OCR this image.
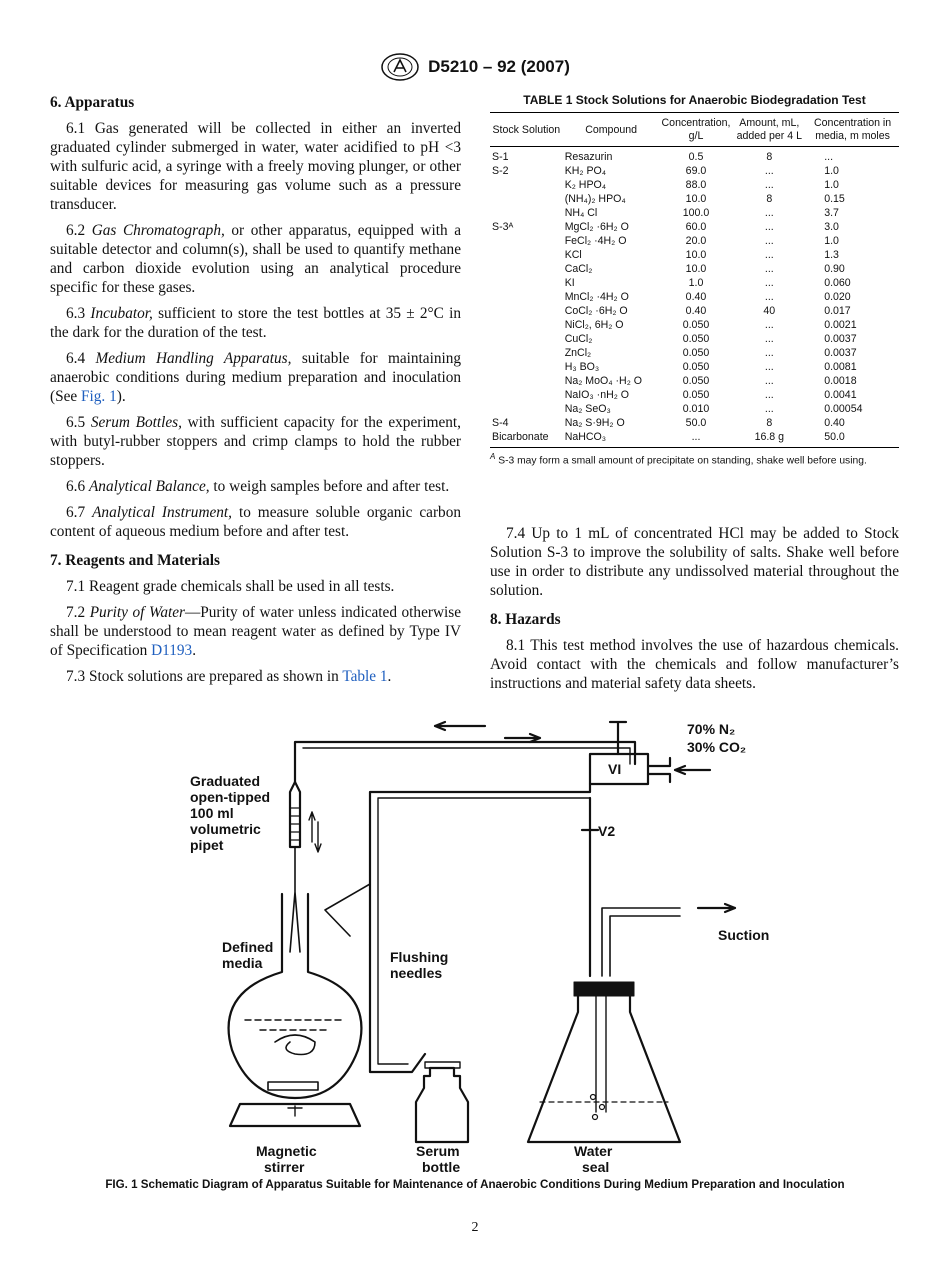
D5210 – 92 (2007)
6. Apparatus

6.1 Gas generated will be collected in either an inverted graduated cylinder submerged in water, water acidified to pH <3 with sulfuric acid, a syringe with a freely moving plunger, or other suitable devices for measuring gas volume such as a pressure transducer.

6.2 Gas Chromatograph, or other apparatus, equipped with a suitable detector and column(s), shall be used to quantify methane and carbon dioxide evolution using an analytical procedure specific for these gases.

6.3 Incubator, sufficient to store the test bottles at 35 ± 2°C in the dark for the duration of the test.

6.4 Medium Handling Apparatus, suitable for maintaining anaerobic conditions during medium preparation and inoculation (See Fig. 1).

6.5 Serum Bottles, with sufficient capacity for the experiment, with butyl-rubber stoppers and crimp clamps to hold the rubber stoppers.

6.6 Analytical Balance, to weigh samples before and after test.

6.7 Analytical Instrument, to measure soluble organic carbon content of aqueous medium before and after test.

7. Reagents and Materials

7.1 Reagent grade chemicals shall be used in all tests.

7.2 Purity of Water—Purity of water unless indicated otherwise shall be understood to mean reagent water as defined by Type IV of Specification D1193.

7.3 Stock solutions are prepared as shown in Table 1.

TABLE 1 Stock Solutions for Anaerobic Biodegradation Test
Stock Solution	Compound	Concentration, g/L	Amount, mL, added per 4 L	Concentration in media, m moles
S-1	Resazurin	0.5	8	...
S-2	KH₂ PO₄	69.0	...	1.0
	K₂ HPO₄	88.0	...	1.0
	(NH₄)₂ HPO₄	10.0	8	0.15
	NH₄ Cl	100.0	...	3.7
S-3ᴬ	MgCl₂ ·6H₂ O	60.0	...	3.0
	FeCl₂ ·4H₂ O	20.0	...	1.0
	KCl	10.0	...	1.3
	CaCl₂	10.0	...	0.90
	KI	1.0	...	0.060
	MnCl₂ ·4H₂ O	0.40	...	0.020
	CoCl₂ ·6H₂ O	0.40	40	0.017
	NiCl₂, 6H₂ O	0.050	...	0.0021
	CuCl₂	0.050	...	0.0037
	ZnCl₂	0.050	...	0.0037
	H₃ BO₃	0.050	...	0.0081
	Na₂ MoO₄ ·H₂ O	0.050	...	0.0018
	NaIO₃ ·nH₂ O	0.050	...	0.0041
	Na₂ SeO₃	0.010	...	0.00054
S-4	Na₂ S·9H₂ O	50.0	8	0.40
Bicarbonate	NaHCO₃	...	16.8 g	50.0
$^A$ S-3 may form a small amount of precipitate on standing, shake well before using.

7.4 Up to 1 mL of concentrated HCl may be added to Stock Solution S-3 to improve the solubility of salts. Shake well before use in order to distribute any undissolved material throughout the solution.

8. Hazards

8.1 This test method involves the use of hazardous chemicals. Avoid contact with the chemicals and follow manufacturer’s instructions and material safety data sheets.

70% N₂
30% CO₂
VI
V2
Graduated
open-tipped
100 ml
volumetric
pipet
Defined
media	Flushing
needles
Suction
Magnetic
stirrer
Serum
bottle
Water
seal
FIG. 1 Schematic Diagram of Apparatus Suitable for Maintenance of Anaerobic Conditions During Medium Preparation and Inoculation
2
